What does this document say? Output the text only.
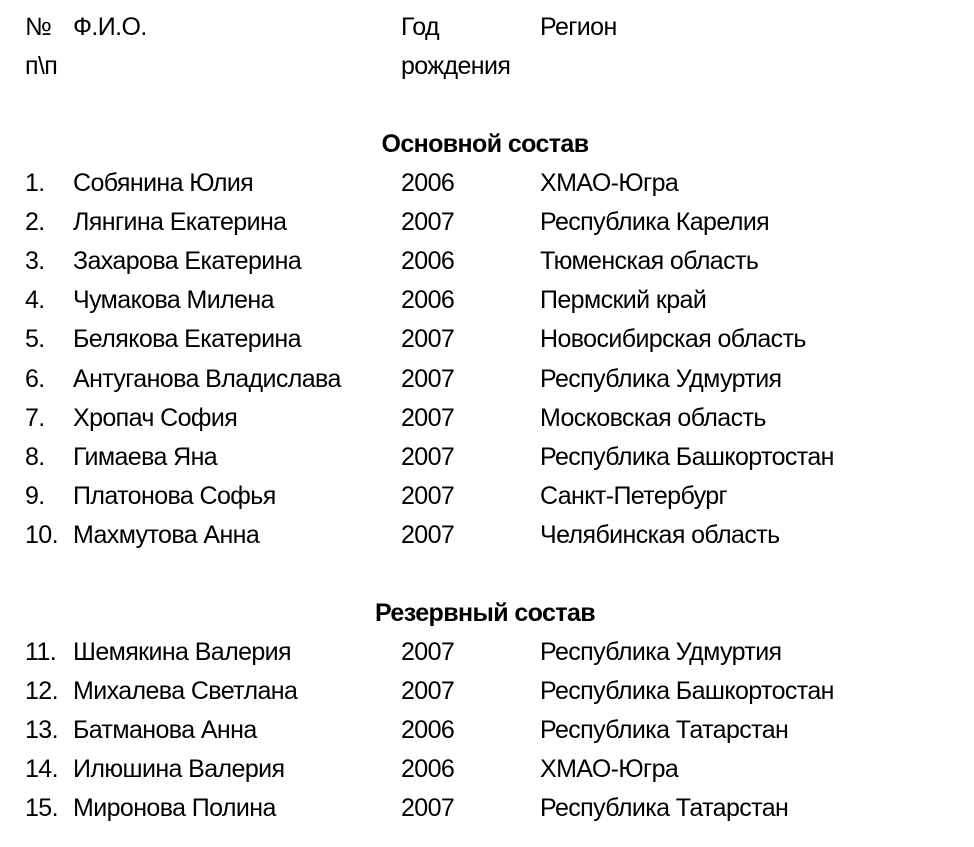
№ Ф.И.О.	Год	Регион
п\п	рождения
Основной состав
1. Собянина Юлия	2006	ХМАО-Югра
2. Лянгина Екатерина	2007	Республика Карелия
3. Захарова Екатерина	2006	Тюменская область
4. Чумакова Милена	2006	Пермский край
5. Белякова Екатерина	2007	Новосибирская область
6. Антуганова Владислава 2007	Республика Удмуртия
7. Хропач София	2007	Московская область
8. Гимаева Яна	2007	Республика Башкортостан
9. Платонова Софья	2007	Санкт-Петербург
10. Махмутова Анна	2007	Челябинская область
Резервный состав
11. Шемякина Валерия	2007	Республика Удмуртия
12. Михалева Светлана	2007	Республика Башкортостан
13. Батманова Анна	2006	Республика Татарстан
14. Илюшина Валерия	2006	ХМАО-Югра
15. Миронова Полина	2007	Республика Татарстан
